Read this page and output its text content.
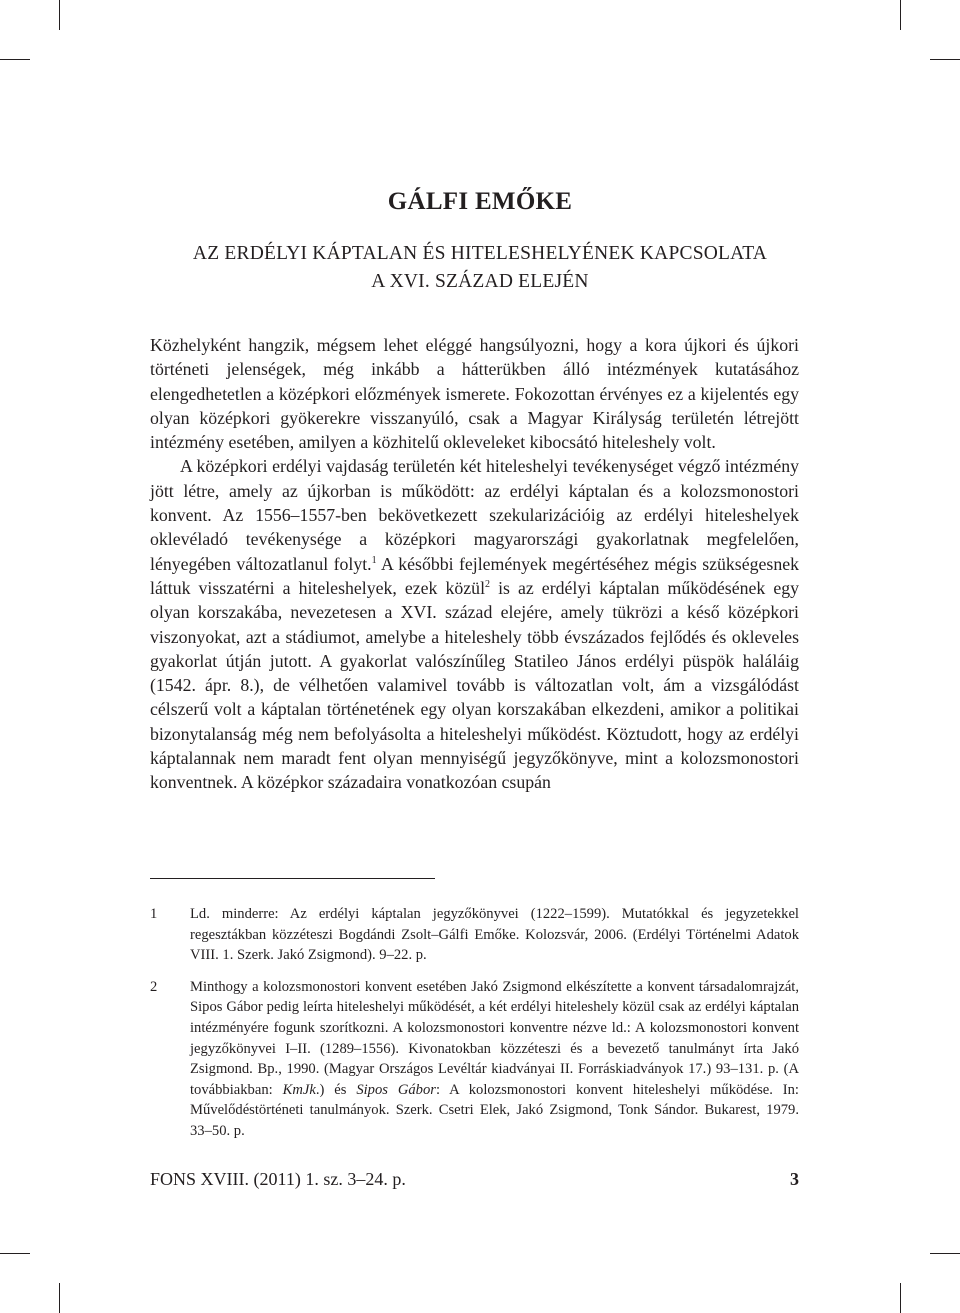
GÁLFI EMŐKE
AZ ERDÉLYI KÁPTALAN ÉS HITELESHELYÉNEK KAPCSOLATA
A XVI. SZÁZAD ELEJÉN

Közhelyként hangzik, mégsem lehet eléggé hangsúlyozni, hogy a kora újkori és újkori történeti jelenségek, még inkább a hátterükben álló intézmények kutatásához elengedhetetlen a középkori előzmények ismerete. Fokozottan érvényes ez a kijelentés egy olyan középkori gyökerekre visszanyúló, csak a Magyar Királyság területén létrejött intézmény esetében, amilyen a közhitelű okleveleket kibocsátó hiteleshely volt.

A középkori erdélyi vajdaság területén két hiteleshelyi tevékenységet végző intézmény jött létre, amely az újkorban is működött: az erdélyi káptalan és a kolozsmonostori konvent. Az 1556–1557-ben bekövetkezett szekularizációig az erdélyi hiteleshelyek oklevéladó tevékenysége a középkori magyarországi gyakorlatnak megfelelően, lényegében változatlanul folyt.$^1$ A későbbi fejlemények megértéséhez mégis szükségesnek láttuk visszatérni a hiteleshelyek, ezek közül$^2$ is az erdélyi káptalan működésének egy olyan korszakába, nevezetesen a XVI. század elejére, amely tükrözi a késő középkori viszonyokat, azt a stádiumot, amelybe a hiteleshely több évszázados fejlődés és okleveles gyakorlat útján jutott. A gyakorlat valószínűleg Statileo János erdélyi püspök haláláig (1542. ápr. 8.), de vélhetően valamivel tovább is változatlan volt, ám a vizsgálódást célszerű volt a káptalan történetének egy olyan korszakában elkezdeni, amikor a politikai bizonytalanság még nem befolyásolta a hiteleshelyi működést. Köztudott, hogy az erdélyi káptalannak nem maradt fent olyan mennyiségű jegyzőkönyve, mint a kolozsmonostori konventnek. A középkor századaira vonatkozóan csupán

1 Ld. minderre: Az erdélyi káptalan jegyzőkönyvei (1222–1599). Mutatókkal és jegyzetekkel regesztákban közzéteszi Bogdándi Zsolt–Gálfi Emőke. Kolozsvár, 2006. (Erdélyi Történelmi Adatok VIII. 1. Szerk. Jakó Zsigmond). 9–22. p.
2 Minthogy a kolozsmonostori konvent esetében Jakó Zsigmond elkészítette a konvent társadalomrajzát, Sipos Gábor pedig leírta hiteleshelyi működését, a két erdélyi hiteleshely közül csak az erdélyi káptalan intézményére fogunk szorítkozni. A kolozsmonostori konventre nézve ld.: A kolozsmonostori konvent jegyzőkönyvei I–II. (1289–1556). Kivonatokban közzéteszi és a bevezető tanulmányt írta Jakó Zsigmond. Bp., 1990. (Magyar Országos Levéltár kiadványai II. Forráskiadványok 17.) 93–131. p. (A továbbiakban: KmJk.) és Sipos Gábor: A kolozsmonostori konvent hiteleshelyi működése. In: Művelődéstörténeti tanulmányok. Szerk. Csetri Elek, Jakó Zsigmond, Tonk Sándor. Bukarest, 1979. 33–50. p.
FONS XVIII. (2011) 1. sz. 3–24. p.	3
